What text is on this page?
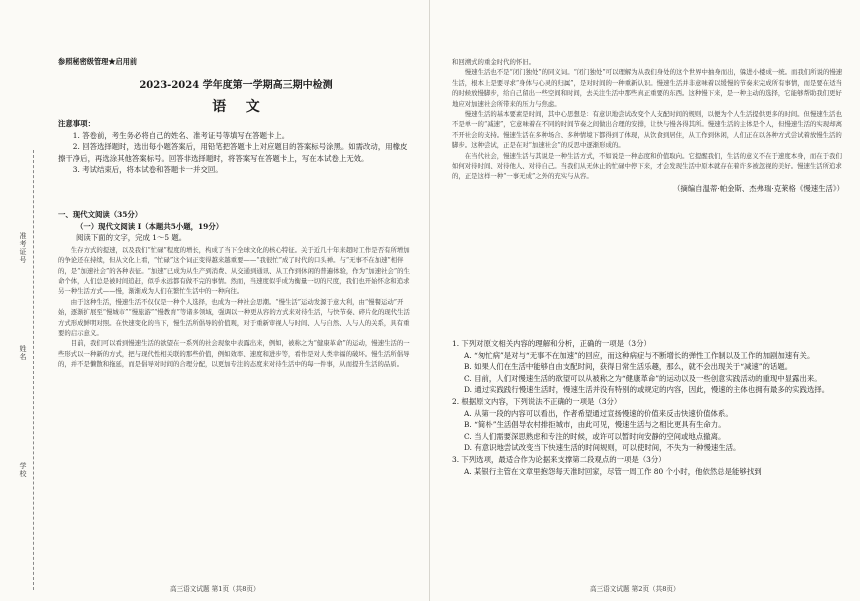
准考证号
姓名
学校
参照秘密级管理★启用前
2023-2024 学年度第一学期高三期中检测
语    文
注意事项：

1. 答卷前，考生务必将自己的姓名、准考证号等填写在答题卡上。

2. 回答选择题时，选出每小题答案后，用铅笔把答题卡上对应题目的答案标号涂黑。如需改动，用橡皮擦干净后，再选涂其他答案标号。回答非选择题时，将答案写在答题卡上，写在本试卷上无效。

3. 考试结束后，将本试卷和答题卡一并交回。

一、现代文阅读（35分）
（一）现代文阅读 I（本题共5小题，19分）
阅读下面的文字，完成 1～5 题。

生存方式的提速，以及我们“忙碌”程度的增长，构成了当下全球文化的核心特征。关于近几十年来超时工作是否有所增加的争论还在持续，但从文化上看，“忙碌”这个词正变得越来越重要——“我很忙”成了时代的口头禅。与“无事不在加速”相伴的，是“加速社会”的各种表征。“加速”已成为从生产到消费、从交通到通讯、从工作到休闲的普遍体验，作为“加速社会”的生命个体，人们总是被时间追赶，似乎永远都有做不完的事情。然而，当速度似乎成为衡量一切的尺度，我们也开始怀念和追求另一种生活方式——慢，渐渐成为人们在繁忙生活中的一种向往。

由于这种生活，慢速生活不仅仅是一种个人选择，也成为一种社会思潮。“慢生活”运动发源于意大利，由“慢餐运动”开始，逐渐扩展至“慢城市”“慢旅游”“慢教育”等诸多领域，强调以一种更从容的方式来对待生活，与快节奏、碎片化的现代生活方式形成鲜明对照。在快速变化的当下，慢生活所倡导的价值观，对于重新审视人与时间、人与自然、人与人的关系，具有重要的启示意义。

目前，我们可以看到慢速生活的欲望在一系列的社会现象中表露出来，例如，被称之为“健康革命”的运动，慢速生活的一些形式以一种新的方式，把与现代性相关联的那些价值，例如效率、速度和进步等，看作是对人类幸福的破坏。慢生活所倡导的，并不是懒散和拖延，而是倡导对时间的合理分配，以更加专注的态度来对待生活中的每一件事，从而提升生活的品质。

高三语文试题 第1页（共8页）
和回溯式的重金时代的怀旧。

慢速生活也不是“闭门独处”的同义词。“闭门独处”可以理解为从我们身处的这个世界中抽身而出，躲进小楼成一统。而我们所说的慢速生活，根本上是要寻求“身体与心灵的归属”，是对时间的一种重新认识。慢速生活并非意味着以缓慢的节奏来完成所有事情，而是要在适当的时候放慢脚步，给自己留出一些空间和时间，去关注生活中那些真正重要的东西。这种慢下来，是一种主动的选择，它能够帮助我们更好地应对加速社会所带来的压力与焦虑。

慢速生活的基本要素是时间，其中心思想是：有意识地尝试改变个人支配时间的规则，以便为个人生活提供更多的时间。但慢速生活也不是单一的“减速”，它意味着在不同的时间节奏之间做出合理的安排，让快与慢各得其所。慢速生活的主体是个人，但慢速生活的实现却离不开社会的支持。慢速生活在多种场合、多种情境下都得到了体现，从饮食到居住，从工作到休闲，人们正在以各种方式尝试着放慢生活的脚步。这种尝试，正是在对“加速社会”的反思中逐渐形成的。

在当代社会，慢速生活与其说是一种生活方式，不如说是一种态度和价值取向。它提醒我们，生活的意义不在于速度本身，而在于我们如何对待时间、对待他人、对待自己。当我们从无休止的忙碌中停下来，才会发现生活中原本就存在着许多被忽视的美好。慢速生活所追求的，正是这样一种“一事无成”之外的充实与从容。

（摘编自温蒂·帕金斯、杰弗瑞·克莱格《慢速生活》）
1. 下列对原文相关内容的理解和分析，正确的一项是（3分）

A. “匆忙病”是对与“无事不在加速”的回应，而这种病症与不断增长的弹性工作制以及工作的加剧加速有关。

B. 如果人们在生活中能够自由支配时间，获得日常生活乐趣，那么，就不会出现关于“减速”的话题。

C. 目前，人们对慢速生活的欲望可以从被称之为“健康革命”的运动以及一些创意实践活动的重现中显露出来。

D. 通过实践践行慢速生活时，慢速生活并没有特别的或规定的内容，因此，慢速的主体也拥有最多的实践选择。

2. 根据原文内容，下列说法不正确的一项是（3分）

A. 从第一段的内容可以看出，作者希望通过宣扬慢速的价值来反击快速价值体系。

B. “简朴”生活倡导农村排拒城市，由此可见，慢速生活与之相比更具有生命力。

C. 当人们需要深思熟虑和专注的时候，或许可以暂时向安静的空间或地点撤离。

D. 有意识地尝试改变当下快速生活的时间规则，可以使时间，不失为一种慢速生活。

3. 下列选项，最适合作为论据来支撑第二段观点的一项是（3分）

A. 某银行主管在文章里抱怨每天准时回家，尽管一周工作 80 个小时，他依然总是能够找到

高三语文试题 第2页（共8页）
